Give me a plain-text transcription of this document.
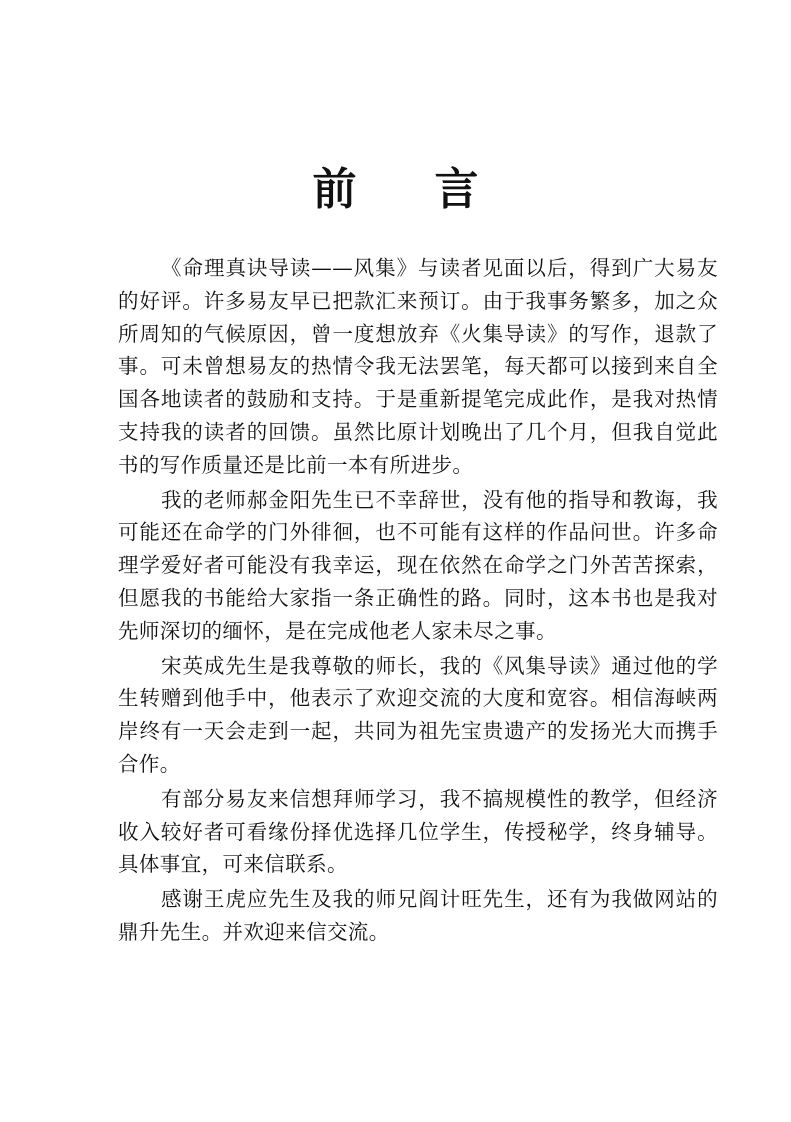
前 言

《命理真诀导读——风集》与读者见面以后，得到广大易友的好评。许多易友早已把款汇来预订。由于我事务繁多，加之众所周知的气候原因，曾一度想放弃《火集导读》的写作，退款了事。可未曾想易友的热情令我无法罢笔，每天都可以接到来自全国各地读者的鼓励和支持。于是重新提笔完成此作，是我对热情支持我的读者的回馈。虽然比原计划晚出了几个月，但我自觉此书的写作质量还是比前一本有所进步。

我的老师郝金阳先生已不幸辞世，没有他的指导和教诲，我可能还在命学的门外徘徊，也不可能有这样的作品问世。许多命理学爱好者可能没有我幸运，现在依然在命学之门外苦苦探索，但愿我的书能给大家指一条正确性的路。同时，这本书也是我对先师深切的缅怀，是在完成他老人家未尽之事。

宋英成先生是我尊敬的师长，我的《风集导读》通过他的学生转赠到他手中，他表示了欢迎交流的大度和宽容。相信海峡两岸终有一天会走到一起，共同为祖先宝贵遗产的发扬光大而携手合作。

有部分易友来信想拜师学习，我不搞规模性的教学，但经济收入较好者可看缘份择优选择几位学生，传授秘学，终身辅导。具体事宜，可来信联系。

感谢王虎应先生及我的师兄阎计旺先生，还有为我做网站的鼎升先生。并欢迎来信交流。
